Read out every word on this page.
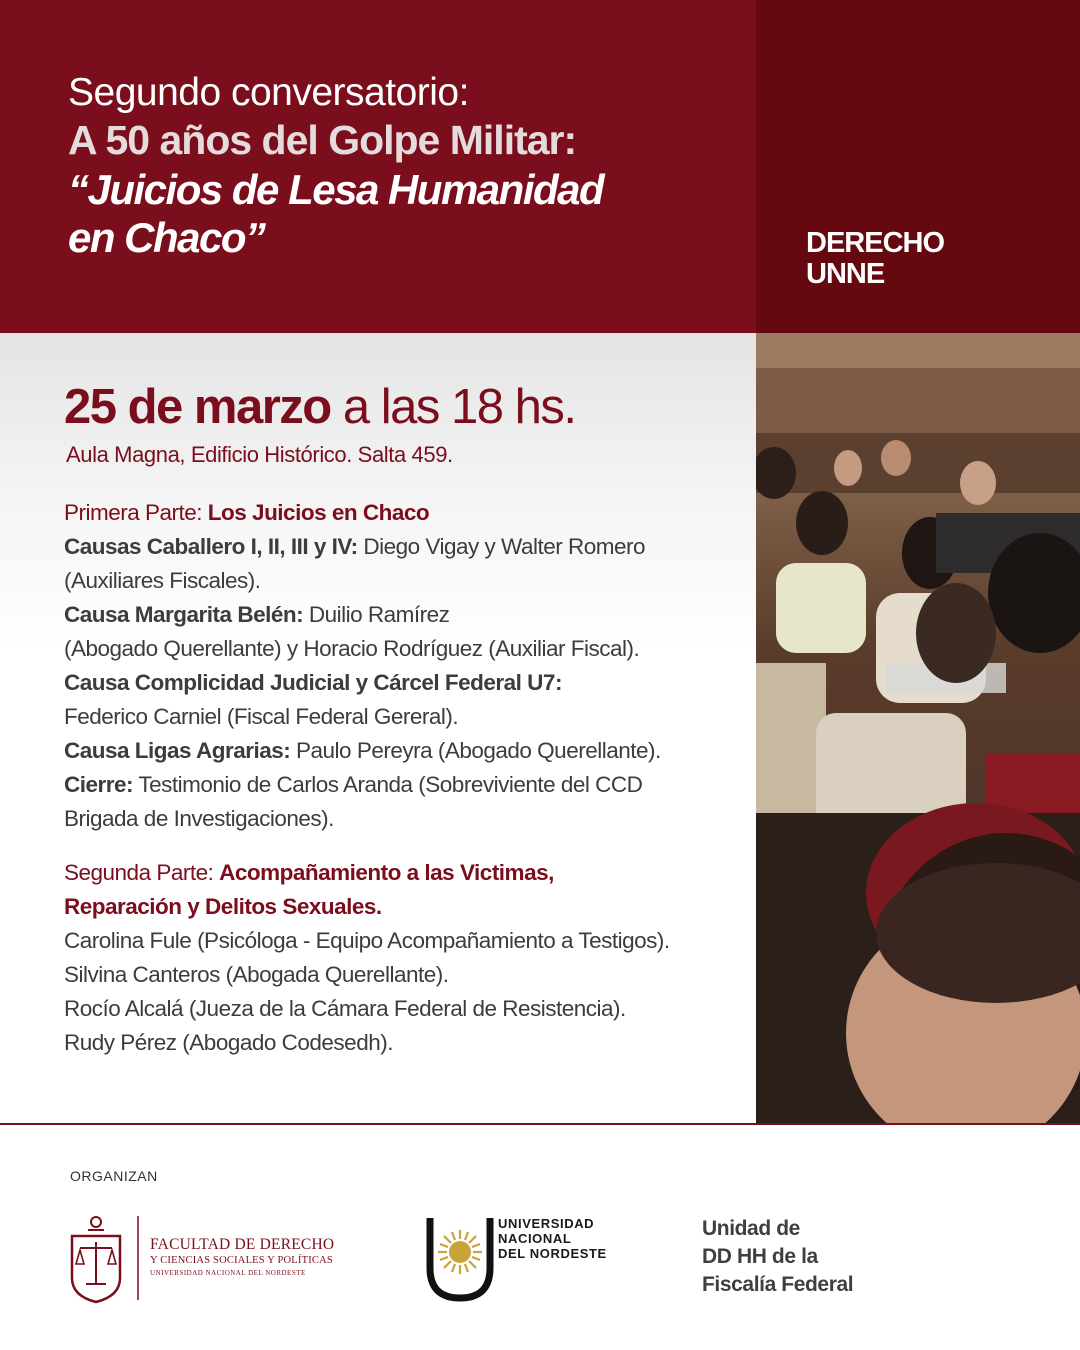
Segundo conversatorio:
A 50 años del Golpe Militar:
“Juicios de Lesa Humanidad
en Chaco”	DERECHO
UNNE
25 de marzo a las 18 hs.
Aula Magna, Edificio Histórico. Salta 459.
Primera Parte: Los Juicios en Chaco
Causas Caballero I, II, III y IV: Diego Vigay y Walter Romero
(Auxiliares Fiscales).
Causa Margarita Belén: Duilio Ramírez
(Abogado Querellante) y Horacio Rodríguez (Auxiliar Fiscal).
Causa Complicidad Judicial y Cárcel Federal U7:
Federico Carniel (Fiscal Federal Gereral).
Causa Ligas Agrarias: Paulo Pereyra (Abogado Querellante).
Cierre: Testimonio de Carlos Aranda (Sobreviviente del CCD
Brigada de Investigaciones).
Segunda Parte: Acompañamiento a las Victimas,
Reparación y Delitos Sexuales.
Carolina Fule (Psicóloga - Equipo Acompañamiento a Testigos).
Silvina Canteros (Abogada Querellante).
Rocío Alcalá (Jueza de la Cámara Federal de Resistencia).
Rudy Pérez (Abogado Codesedh).
ORGANIZAN
FACULTAD DE DERECHO
Y CIENCIAS SOCIALES Y POLÍTICAS
UNIVERSIDAD NACIONAL DEL NORDESTE
UNIVERSIDAD
NACIONAL
DEL NORDESTE
Unidad de
DD HH de la
Fiscalía Federal
